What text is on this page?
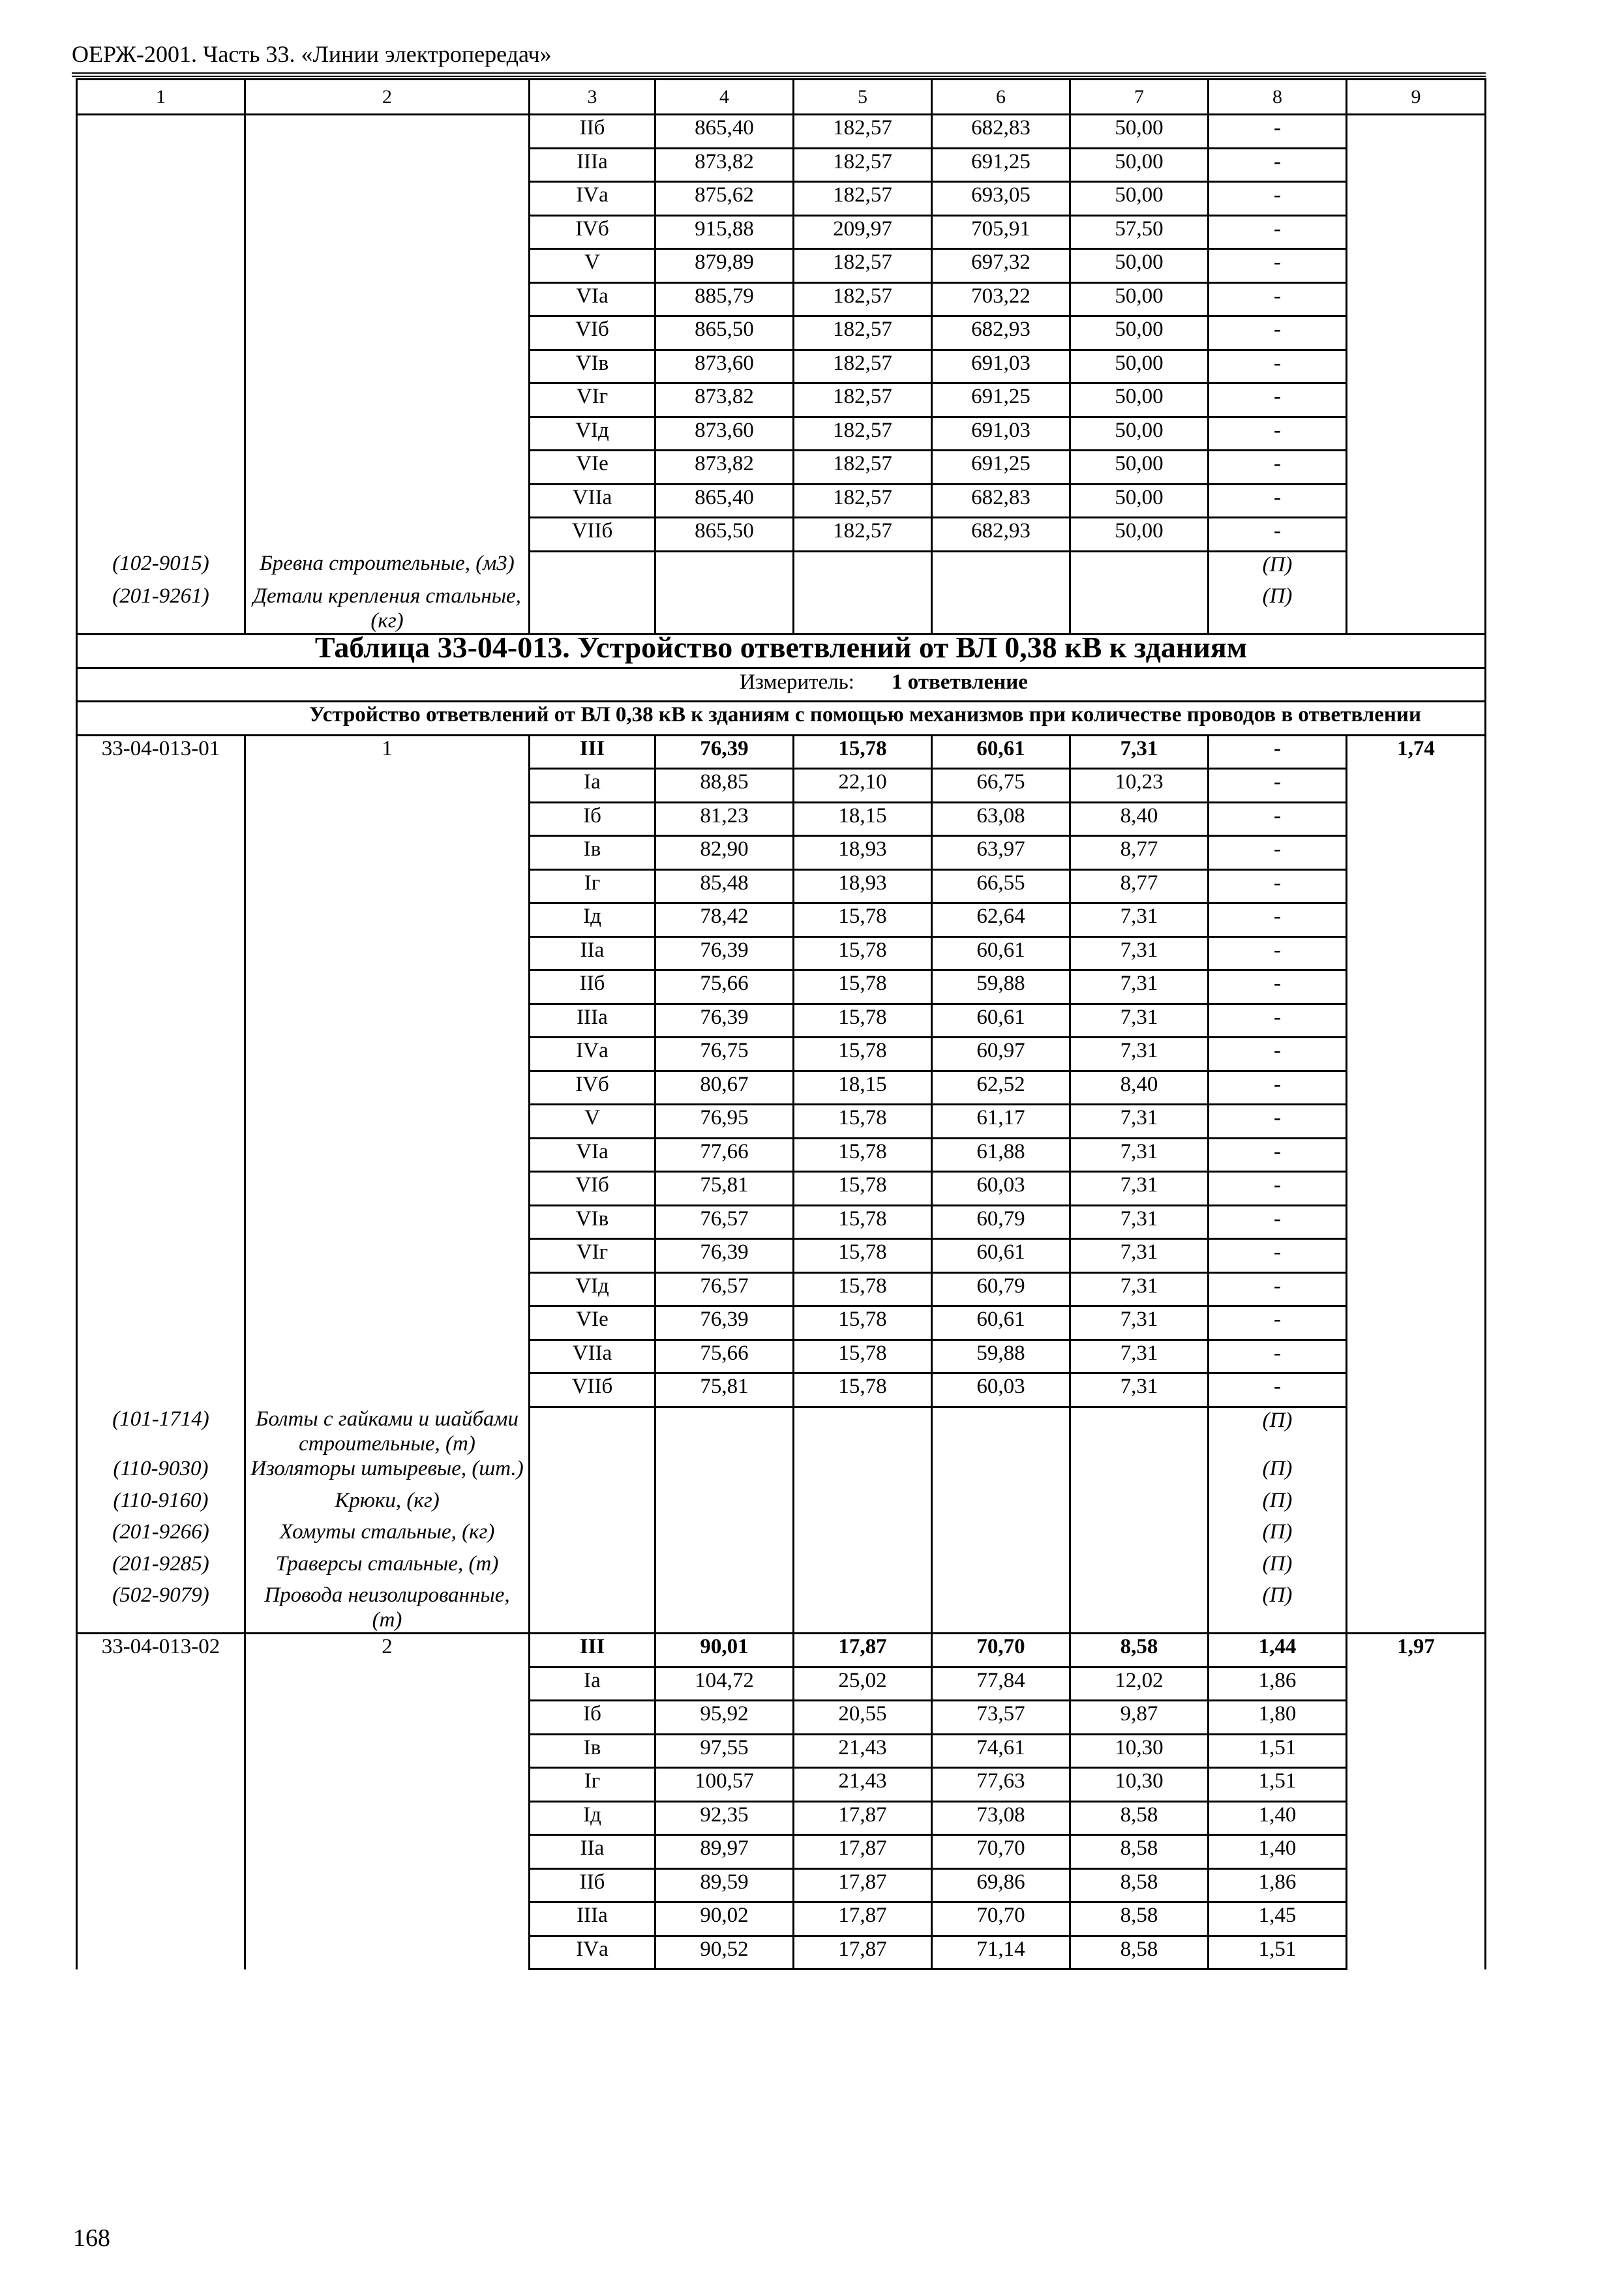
ОЕРЖ-2001. Часть 33. «Линии электропередач»
1	2	3	4	5	6	7	8	9
		IIб	865,40	182,57	682,83	50,00	-	
		IIIа	873,82	182,57	691,25	50,00	-	
		IVа	875,62	182,57	693,05	50,00	-	
		IVб	915,88	209,97	705,91	57,50	-	
		V	879,89	182,57	697,32	50,00	-	
		VIа	885,79	182,57	703,22	50,00	-	
		VIб	865,50	182,57	682,93	50,00	-	
		VIв	873,60	182,57	691,03	50,00	-	
		VIг	873,82	182,57	691,25	50,00	-	
		VIд	873,60	182,57	691,03	50,00	-	
		VIе	873,82	182,57	691,25	50,00	-	
		VIIа	865,40	182,57	682,83	50,00	-	
		VIIб	865,50	182,57	682,93	50,00	-	
(102-9015)	Бревна строительные, (м3)						(П)	
(201-9261)	Детали крепления стальные, (кг)						(П)	
Таблица 33-04-013. Устройство ответвлений от ВЛ 0,38 кВ к зданиям								
Измеритель: 1 ответвление								
Устройство ответвлений от ВЛ 0,38 кВ к зданиям с помощью механизмов при количестве проводов в ответвлении								
33-04-013-01	1	III	76,39	15,78	60,61	7,31	-	1,74
		Iа	88,85	22,10	66,75	10,23	-	
		Iб	81,23	18,15	63,08	8,40	-	
		Iв	82,90	18,93	63,97	8,77	-	
		Iг	85,48	18,93	66,55	8,77	-	
		Iд	78,42	15,78	62,64	7,31	-	
		IIа	76,39	15,78	60,61	7,31	-	
		IIб	75,66	15,78	59,88	7,31	-	
		IIIа	76,39	15,78	60,61	7,31	-	
		IVа	76,75	15,78	60,97	7,31	-	
		IVб	80,67	18,15	62,52	8,40	-	
		V	76,95	15,78	61,17	7,31	-	
		VIа	77,66	15,78	61,88	7,31	-	
		VIб	75,81	15,78	60,03	7,31	-	
		VIв	76,57	15,78	60,79	7,31	-	
		VIг	76,39	15,78	60,61	7,31	-	
		VIд	76,57	15,78	60,79	7,31	-	
		VIе	76,39	15,78	60,61	7,31	-	
		VIIа	75,66	15,78	59,88	7,31	-	
		VIIб	75,81	15,78	60,03	7,31	-	
(101-1714)	Болты с гайками и шайбами строительные, (т)						(П)	
(110-9030)	Изоляторы штыревые, (шт.)						(П)	
(110-9160)	Крюки, (кг)						(П)	
(201-9266)	Хомуты стальные, (кг)						(П)	
(201-9285)	Траверсы стальные, (т)						(П)	
(502-9079)	Провода неизолированные, (т)						(П)	
33-04-013-02	2	III	90,01	17,87	70,70	8,58	1,44	1,97
		Iа	104,72	25,02	77,84	12,02	1,86	
		Iб	95,92	20,55	73,57	9,87	1,80	
		Iв	97,55	21,43	74,61	10,30	1,51	
		Iг	100,57	21,43	77,63	10,30	1,51	
		Iд	92,35	17,87	73,08	8,58	1,40	
		IIа	89,97	17,87	70,70	8,58	1,40	
		IIб	89,59	17,87	69,86	8,58	1,86	
		IIIа	90,02	17,87	70,70	8,58	1,45	
		IVа	90,52	17,87	71,14	8,58	1,51	
168
